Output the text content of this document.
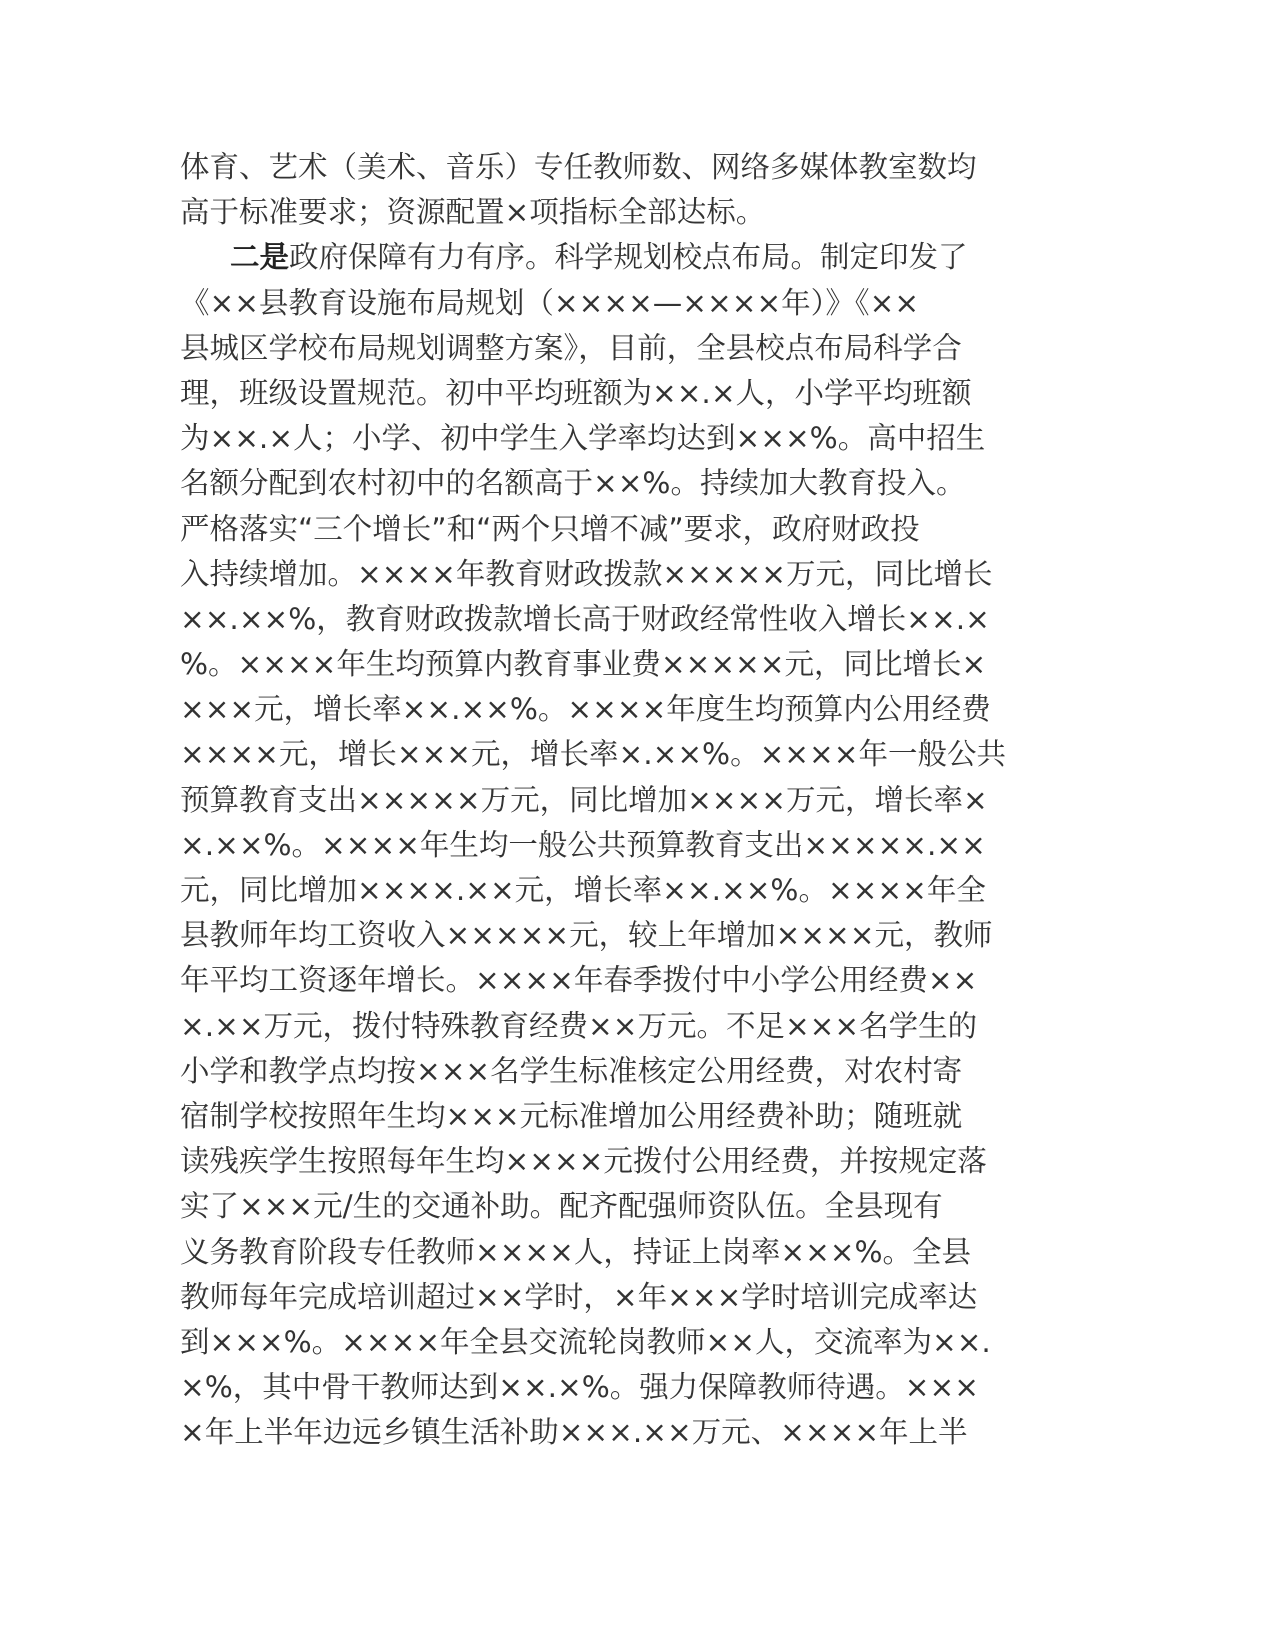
体育、艺术（美术、音乐）专任教师数、网络多媒体教室数均
高于标准要求；资源配置×项指标全部达标。
二是政府保障有力有序。科学规划校点布局。制定印发了
《××县教育设施布局规划（××××—××××年）》《××
县城区学校布局规划调整方案》，目前，全县校点布局科学合
理，班级设置规范。初中平均班额为××.×人，小学平均班额
为××.×人；小学、初中学生入学率均达到×××%。高中招生
名额分配到农村初中的名额高于××%。持续加大教育投入。
严格落实“三个增长”和“两个只增不减”要求，政府财政投
入持续增加。××××年教育财政拨款×××××万元，同比增长
××.××%，教育财政拨款增长高于财政经常性收入增长××.×
%。××××年生均预算内教育事业费×××××元，同比增长×
×××元，增长率××.××%。××××年度生均预算内公用经费
××××元，增长×××元，增长率×.××%。××××年一般公共
预算教育支出×××××万元，同比增加××××万元，增长率×
×.××%。××××年生均一般公共预算教育支出×××××.××
元，同比增加××××.××元，增长率××.××%。××××年全
县教师年均工资收入×××××元，较上年增加××××元，教师
年平均工资逐年增长。××××年春季拨付中小学公用经费××
×.××万元，拨付特殊教育经费××万元。不足×××名学生的
小学和教学点均按×××名学生标准核定公用经费，对农村寄
宿制学校按照年生均×××元标准增加公用经费补助；随班就
读残疾学生按照每年生均××××元拨付公用经费，并按规定落
实了×××元/生的交通补助。配齐配强师资队伍。全县现有
义务教育阶段专任教师××××人，持证上岗率×××%。全县
教师每年完成培训超过××学时，×年×××学时培训完成率达
到×××%。××××年全县交流轮岗教师××人，交流率为××.
×%，其中骨干教师达到××.×%。强力保障教师待遇。×××
×年上半年边远乡镇生活补助×××.××万元、××××年上半
